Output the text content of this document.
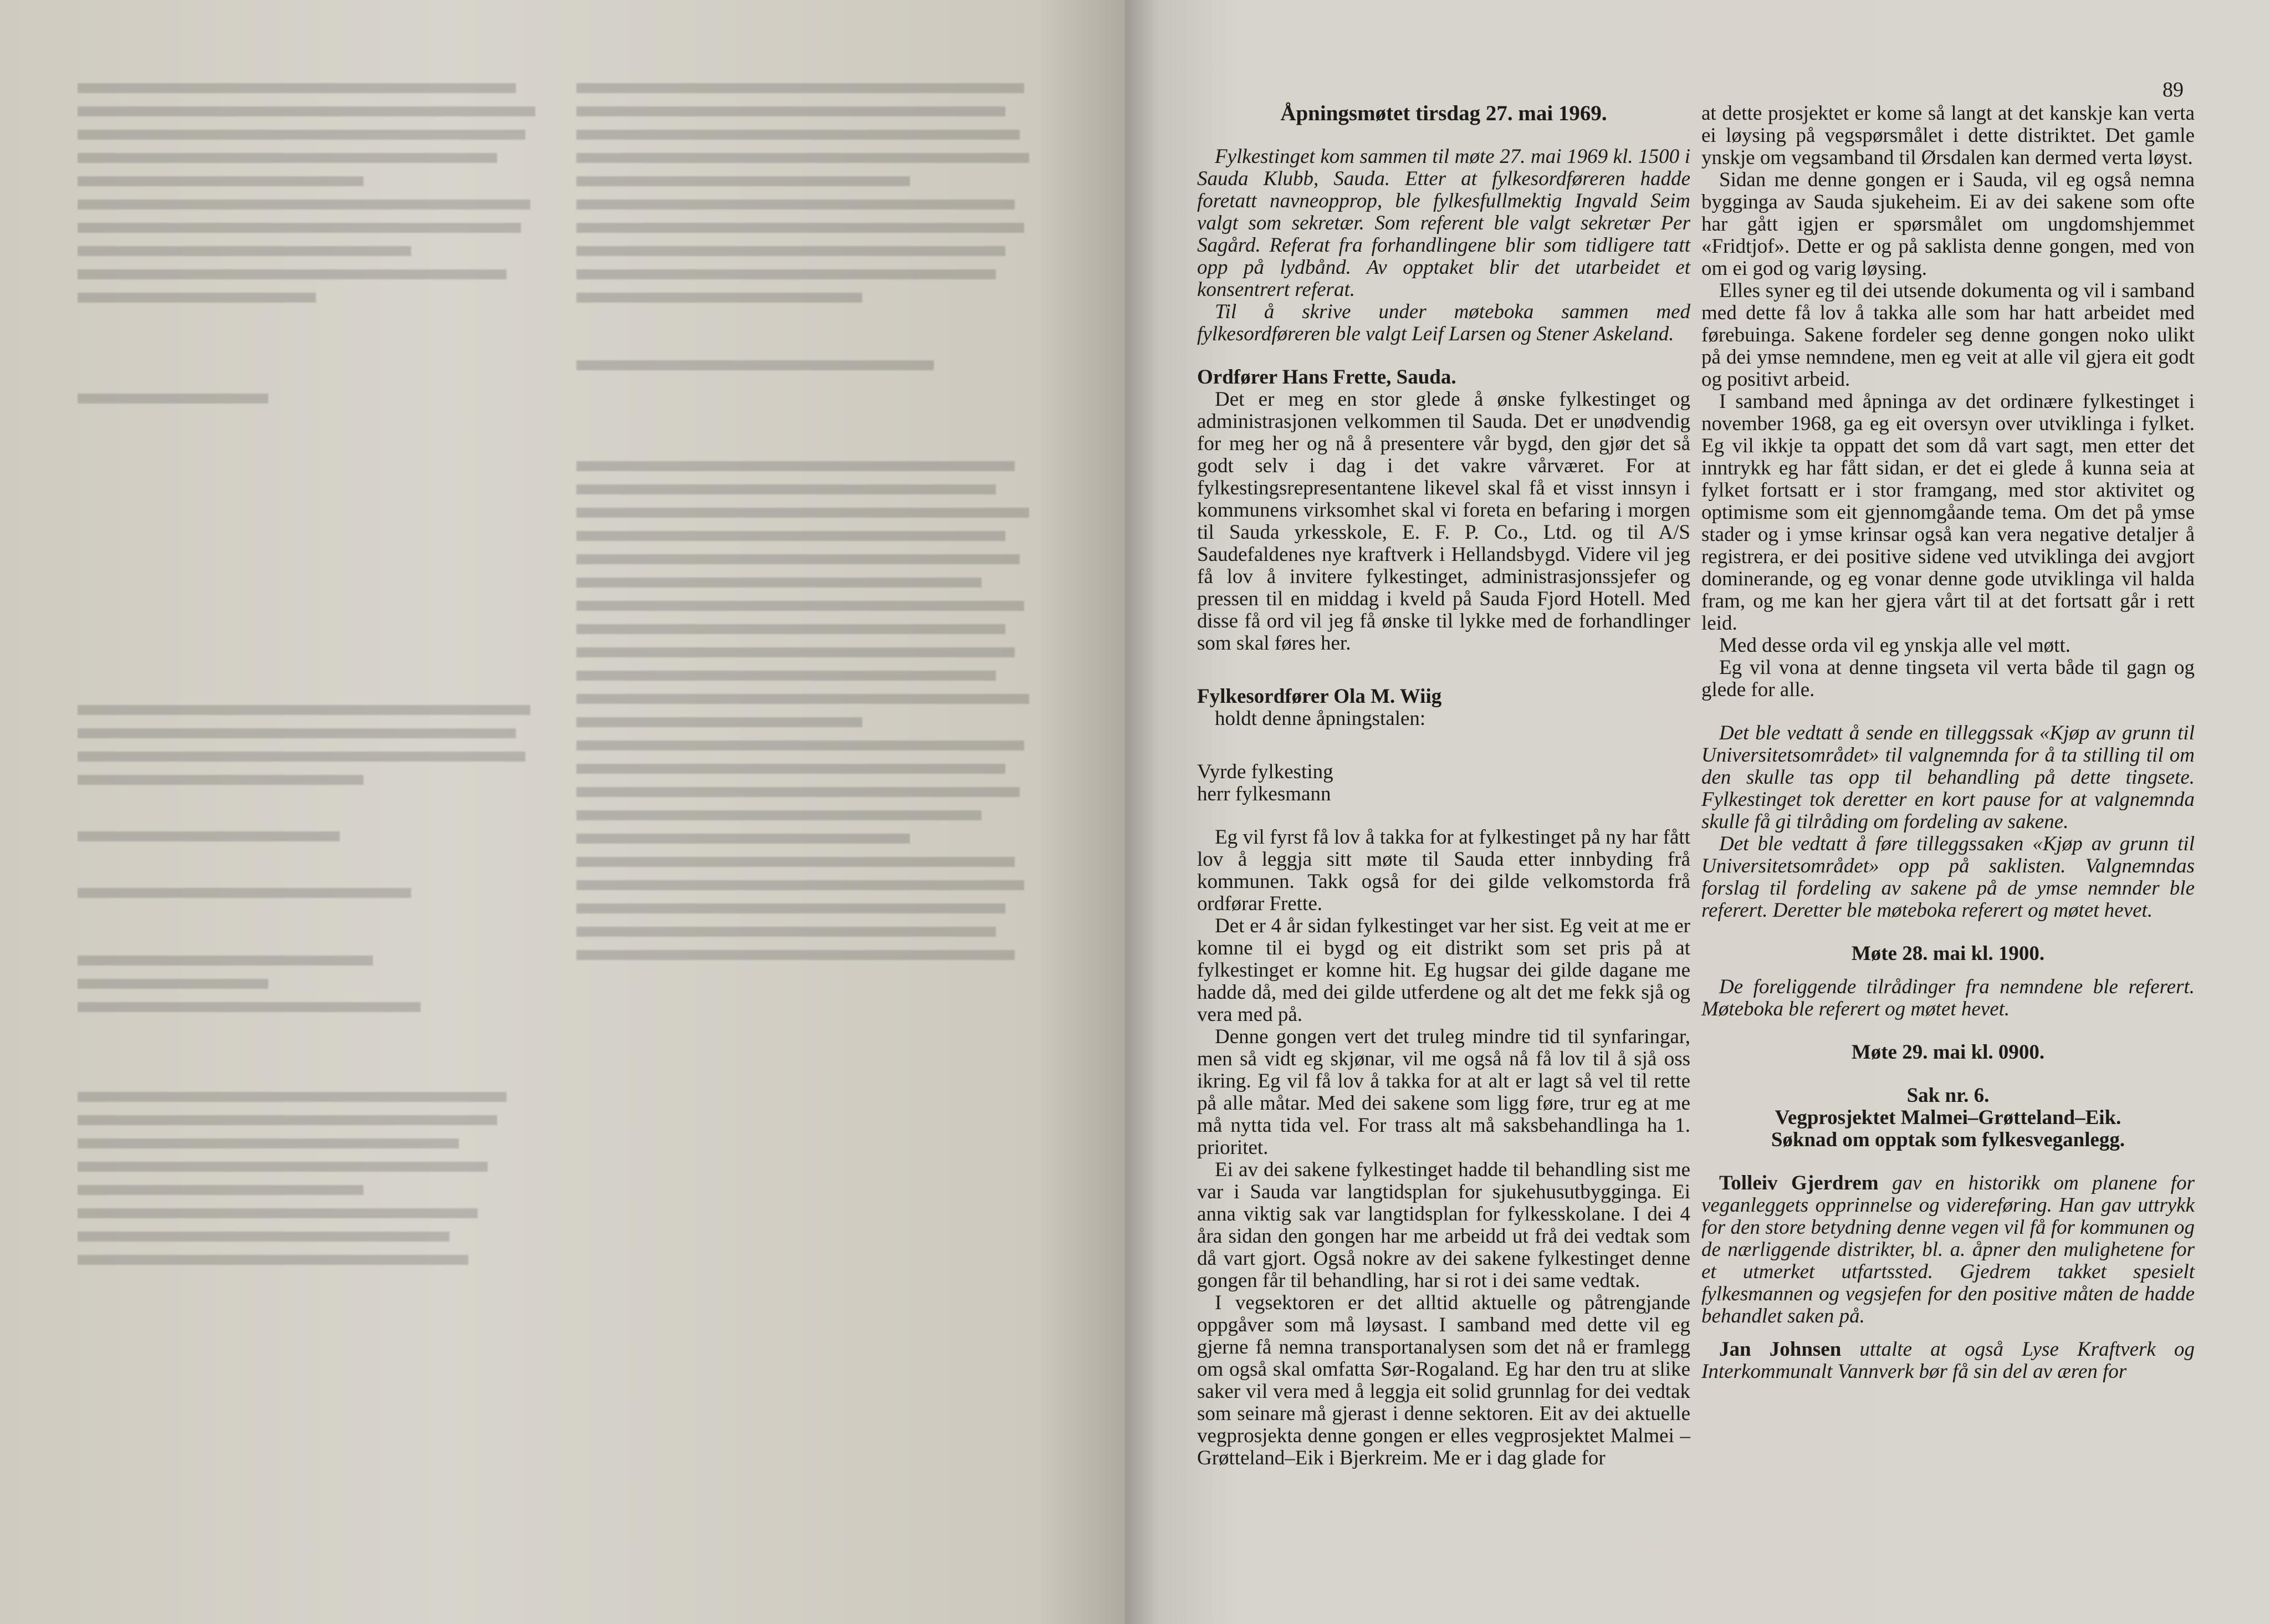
89

Åpningsmøtet tirsdag 27. mai 1969.

Fylkestinget kom sammen til møte 27. mai 1969 kl. 1500 i Sauda Klubb, Sauda. Etter at fylkesordføreren hadde foretatt navneopprop, ble fylkesfullmektig Ingvald Seim valgt som sekretær. Som referent ble valgt sekretær Per Sagård. Referat fra forhandlingene blir som tidligere tatt opp på lydbånd. Av opptaket blir det utarbeidet et konsentrert referat.

Til å skrive under møteboka sammen med fylkesordføreren ble valgt Leif Larsen og Stener Askeland.

Ordfører Hans Frette, Sauda.

Det er meg en stor glede å ønske fylkestinget og administrasjonen velkommen til Sauda. Det er unødvendig for meg her og nå å presentere vår bygd, den gjør det så godt selv i dag i det vakre vårværet. For at fylkestingsrepresentantene likevel skal få et visst innsyn i kommunens virksomhet skal vi foreta en befaring i morgen til Sauda yrkesskole, E. F. P. Co., Ltd. og til A/S Saudefaldenes nye kraftverk i Hellandsbygd. Videre vil jeg få lov å invitere fylkestinget, administrasjonssjefer og pressen til en middag i kveld på Sauda Fjord Hotell. Med disse få ord vil jeg få ønske til lykke med de forhandlinger som skal føres her.

Fylkesordfører Ola M. Wiig

holdt denne åpningstalen:

Vyrde fylkesting

herr fylkesmann

Eg vil fyrst få lov å takka for at fylkestinget på ny har fått lov å leggja sitt møte til Sauda etter innbyding frå kommunen. Takk også for dei gilde velkomstorda frå ordførar Frette.

Det er 4 år sidan fylkestinget var her sist. Eg veit at me er komne til ei bygd og eit distrikt som set pris på at fylkestinget er komne hit. Eg hugsar dei gilde dagane me hadde då, med dei gilde utferdene og alt det me fekk sjå og vera med på.

Denne gongen vert det truleg mindre tid til synfaringar, men så vidt eg skjønar, vil me også nå få lov til å sjå oss ikring. Eg vil få lov å takka for at alt er lagt så vel til rette på alle måtar. Med dei sakene som ligg føre, trur eg at me må nytta tida vel. For trass alt må saksbehandlinga ha 1. prioritet.

Ei av dei sakene fylkestinget hadde til behandling sist me var i Sauda var langtidsplan for sjukehusutbygginga. Ei anna viktig sak var langtidsplan for fylkesskolane. I dei 4 åra sidan den gongen har me arbeidd ut frå dei vedtak som då vart gjort. Også nokre av dei sakene fylkestinget denne gongen får til behandling, har si rot i dei same vedtak.

I vegsektoren er det alltid aktuelle og påtrengjande oppgåver som må løysast. I samband med dette vil eg gjerne få nemna transportanalysen som det nå er framlegg om også skal omfatta Sør-Rogaland. Eg har den tru at slike saker vil vera med å leggja eit solid grunnlag for dei vedtak som seinare må gjerast i denne sektoren. Eit av dei aktuelle vegprosjekta denne gongen er elles vegprosjektet Malmei –Grøtteland–Eik i Bjerkreim. Me er i dag glade for

at dette prosjektet er kome så langt at det kanskje kan verta ei løysing på vegspørsmålet i dette distriktet. Det gamle ynskje om vegsamband til Ørsdalen kan dermed verta løyst.

Sidan me denne gongen er i Sauda, vil eg også nemna bygginga av Sauda sjukeheim. Ei av dei sakene som ofte har gått igjen er spørsmålet om ungdomshjemmet «Fridtjof». Dette er og på saklista denne gongen, med von om ei god og varig løysing.

Elles syner eg til dei utsende dokumenta og vil i samband med dette få lov å takka alle som har hatt arbeidet med førebuinga. Sakene fordeler seg denne gongen noko ulikt på dei ymse nemndene, men eg veit at alle vil gjera eit godt og positivt arbeid.

I samband med åpninga av det ordinære fylkestinget i november 1968, ga eg eit oversyn over utviklinga i fylket. Eg vil ikkje ta oppatt det som då vart sagt, men etter det inntrykk eg har fått sidan, er det ei glede å kunna seia at fylket fortsatt er i stor framgang, med stor aktivitet og optimisme som eit gjennomgåande tema. Om det på ymse stader og i ymse krinsar også kan vera negative detaljer å registrera, er dei positive sidene ved utviklinga dei avgjort dominerande, og eg vonar denne gode utviklinga vil halda fram, og me kan her gjera vårt til at det fortsatt går i rett leid.

Med desse orda vil eg ynskja alle vel møtt.

Eg vil vona at denne tingseta vil verta både til gagn og glede for alle.

Det ble vedtatt å sende en tilleggssak «Kjøp av grunn til Universitetsområdet» til valgnemnda for å ta stilling til om den skulle tas opp til behandling på dette tingsete. Fylkestinget tok deretter en kort pause for at valgnemnda skulle få gi tilråding om fordeling av sakene.

Det ble vedtatt å føre tilleggssaken «Kjøp av grunn til Universitetsområdet» opp på saklisten. Valgnemndas forslag til fordeling av sakene på de ymse nemnder ble referert. Deretter ble møteboka referert og møtet hevet.

Møte 28. mai kl. 1900.

De foreliggende tilrådinger fra nemndene ble referert. Møteboka ble referert og møtet hevet.

Møte 29. mai kl. 0900.

Sak nr. 6.

Vegprosjektet Malmei–Grøtteland–Eik.

Søknad om opptak som fylkesveganlegg.

Tolleiv Gjerdrem gav en historikk om planene for veganleggets opprinnelse og videreføring. Han gav uttrykk for den store betydning denne vegen vil få for kommunen og de nærliggende distrikter, bl. a. åpner den mulighetene for et utmerket utfartssted. Gjedrem takket spesielt fylkesmannen og vegsjefen for den positive måten de hadde behandlet saken på.

Jan Johnsen uttalte at også Lyse Kraftverk og Interkommunalt Vannverk bør få sin del av æren for
